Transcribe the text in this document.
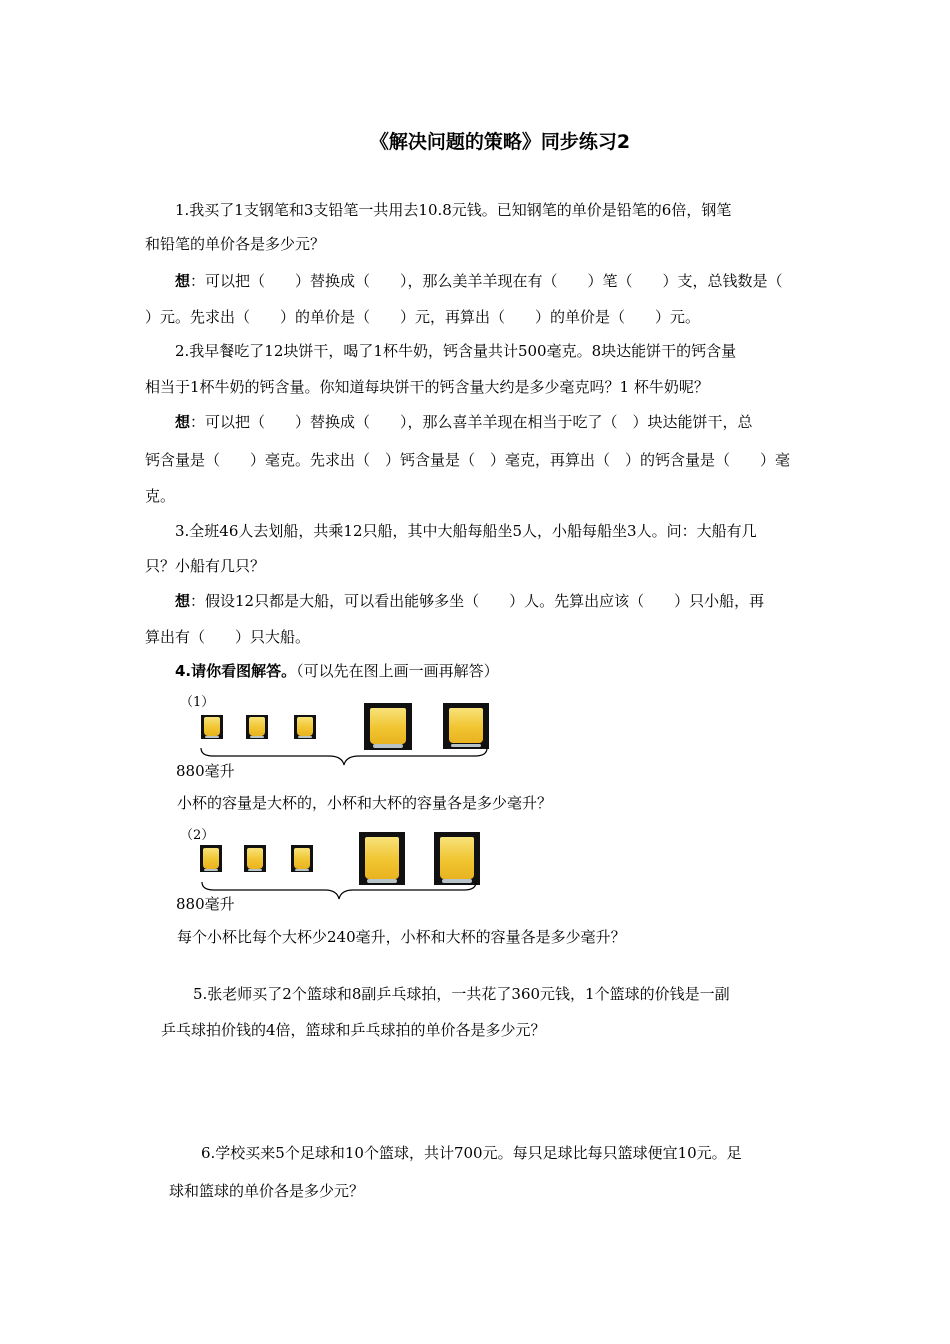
《解决问题的策略》同步练习2
1.我买了1支钢笔和3支铅笔一共用去10.8元钱。已知钢笔的单价是铅笔的6倍，钢笔
和铅笔的单价各是多少元？
想：可以把（　　）替换成（　　），那么美羊羊现在有（　　）笔（　　）支，总钱数是（
）元。先求出（　　）的单价是（　　）元，再算出（　　）的单价是（　　）元。
2.我早餐吃了12块饼干，喝了1杯牛奶，钙含量共计500毫克。8块达能饼干的钙含量
相当于1杯牛奶的钙含量。你知道每块饼干的钙含量大约是多少毫克吗？1 杯牛奶呢？
想：可以把（　　）替换成（　　），那么喜羊羊现在相当于吃了（　）块达能饼干，总
钙含量是（　　）毫克。先求出（　）钙含量是（　）毫克，再算出（　）的钙含量是（　　）毫
克。
3.全班46人去划船，共乘12只船，其中大船每船坐5人，小船每船坐3人。问：大船有几
只？小船有几只？
想：假设12只都是大船，可以看出能够多坐（　　）人。先算出应该（　　）只小船，再
算出有（　　）只大船。
4.请你看图解答。（可以先在图上画一画再解答）
（1）
880毫升
小杯的容量是大杯的，小杯和大杯的容量各是多少毫升？
（2）
880毫升
每个小杯比每个大杯少240毫升，小杯和大杯的容量各是多少毫升？
5.张老师买了2个篮球和8副乒乓球拍，一共花了360元钱，1个篮球的价钱是一副
乒乓球拍价钱的4倍，篮球和乒乓球拍的单价各是多少元？
6.学校买来5个足球和10个篮球，共计700元。每只足球比每只篮球便宜10元。足
球和篮球的单价各是多少元？
